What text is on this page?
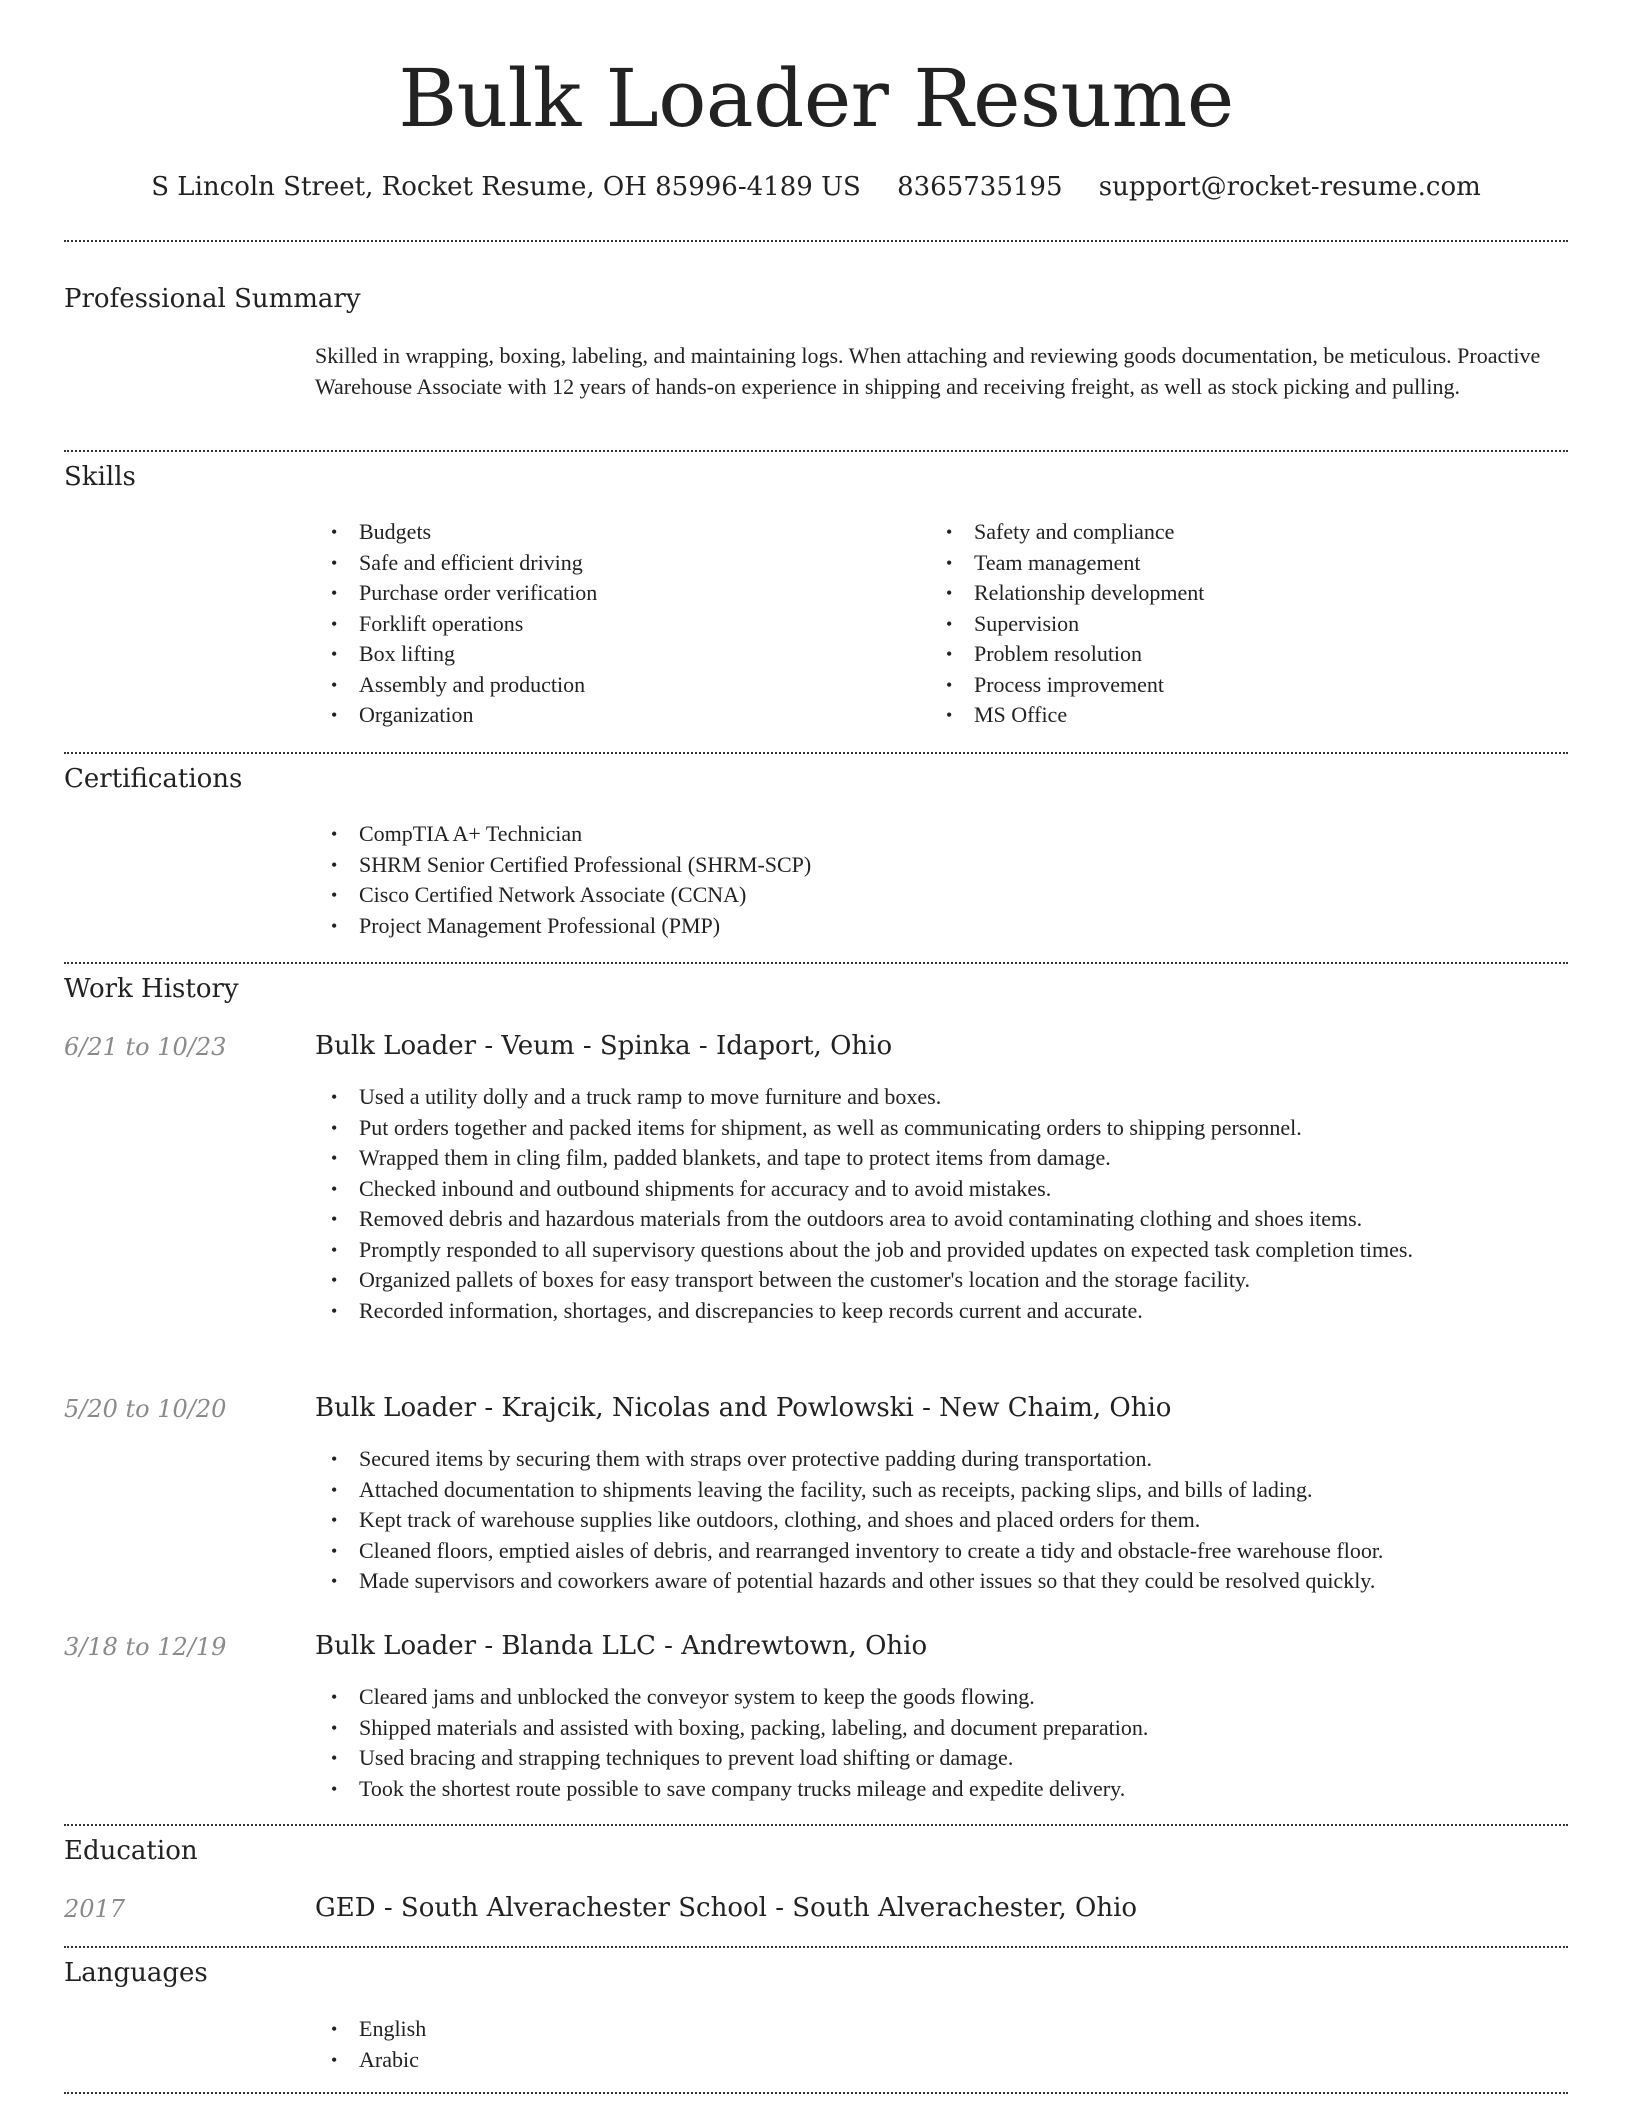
Bulk Loader Resume
S Lincoln Street, Rocket Resume, OH 85996-4189 US 8365735195 support@rocket-resume.com
Professional Summary

Skilled in wrapping, boxing, labeling, and maintaining logs. When attaching and reviewing goods documentation, be meticulous. Proactive Warehouse Associate with 12 years of hands-on experience in shipping and receiving freight, as well as stock picking and pulling.

Skills
• Budgets
• Safe and efficient driving
• Purchase order verification
• Forklift operations
• Box lifting
• Assembly and production
• Organization
• Safety and compliance
• Team management
• Relationship development
• Supervision
• Problem resolution
• Process improvement
• MS Office
Certifications
• CompTIA A+ Technician
• SHRM Senior Certified Professional (SHRM-SCP)
• Cisco Certified Network Associate (CCNA)
• Project Management Professional (PMP)
Work History
6/21 to 10/23	Bulk Loader - Veum - Spinka - Idaport, Ohio
• Used a utility dolly and a truck ramp to move furniture and boxes.
• Put orders together and packed items for shipment, as well as communicating orders to shipping personnel.
• Wrapped them in cling film, padded blankets, and tape to protect items from damage.
• Checked inbound and outbound shipments for accuracy and to avoid mistakes.
• Removed debris and hazardous materials from the outdoors area to avoid contaminating clothing and shoes items.
• Promptly responded to all supervisory questions about the job and provided updates on expected task completion times.
• Organized pallets of boxes for easy transport between the customer's location and the storage facility.
• Recorded information, shortages, and discrepancies to keep records current and accurate.
5/20 to 10/20	Bulk Loader - Krajcik, Nicolas and Powlowski - New Chaim, Ohio
• Secured items by securing them with straps over protective padding during transportation.
• Attached documentation to shipments leaving the facility, such as receipts, packing slips, and bills of lading.
• Kept track of warehouse supplies like outdoors, clothing, and shoes and placed orders for them.
• Cleaned floors, emptied aisles of debris, and rearranged inventory to create a tidy and obstacle-free warehouse floor.
• Made supervisors and coworkers aware of potential hazards and other issues so that they could be resolved quickly.
3/18 to 12/19	Bulk Loader - Blanda LLC - Andrewtown, Ohio
• Cleared jams and unblocked the conveyor system to keep the goods flowing.
• Shipped materials and assisted with boxing, packing, labeling, and document preparation.
• Used bracing and strapping techniques to prevent load shifting or damage.
• Took the shortest route possible to save company trucks mileage and expedite delivery.
Education
2017	GED - South Alverachester School - South Alverachester, Ohio
Languages
• English
• Arabic
